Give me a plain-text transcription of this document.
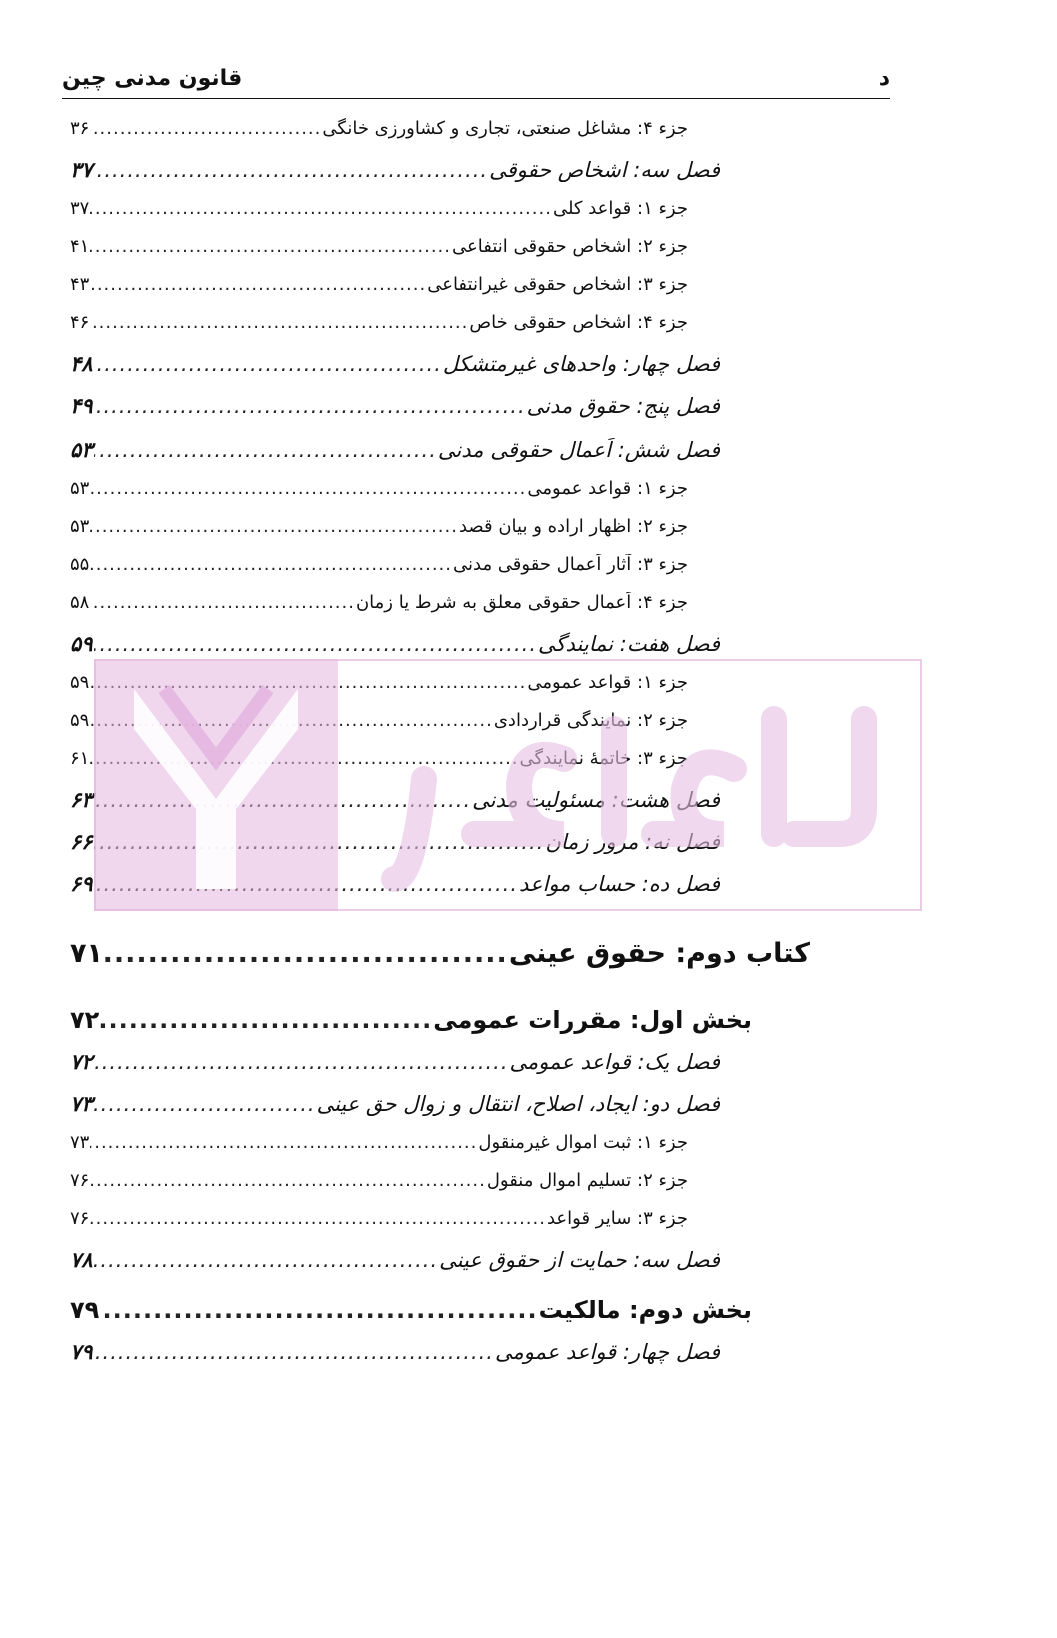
د
قانون مدنی چین
جزء ۴: مشاغل صنعتی، تجاری و کشاورزی خانگی
.....
۳۶
فصل سه: اشخاص حقوقی
.....
۳۷
جزء ۱: قواعد کلی
.....
۳۷
جزء ۲: اشخاص حقوقی انتفاعی
.....
۴۱
جزء ۳: اشخاص حقوقی غیرانتفاعی
.....
۴۳
جزء ۴: اشخاص حقوقی خاص
.....
۴۶
فصل چهار: واحدهای غیرمتشکل
.....
۴۸
فصل پنج: حقوق مدنی
.....
۴۹
فصل شش: اَعمال حقوقی مدنی
.....
۵۳
جزء ۱: قواعد عمومی
.....
۵۳
جزء ۲: اظهار اراده و بیان قصد
.....
۵۳
جزء ۳: آثار اَعمال حقوقی مدنی
.....
۵۵
جزء ۴: اَعمال حقوقی معلق به شرط یا زمان
.....
۵۸
فصل هفت: نمایندگی
.....
۵۹
جزء ۱: قواعد عمومی
.....
۵۹
جزء ۲: نمایندگی قراردادی
.....
۵۹
جزء ۳: خاتمهٔ نمایندگی
.....
۶۱
فصل هشت: مسئولیت مدنی
.....
۶۳
فصل نه: مرور زمان
.....
۶۶
فصل ده: حساب مواعد
.....
۶۹
کتاب دوم: حقوق عینی
.....
۷۱
بخش اول: مقررات عمومی
.....
۷۲
فصل یک: قواعد عمومی
.....
۷۲
فصل دو: ایجاد، اصلاح، انتقال و زوال حق عینی
.....
۷۳
جزء ۱: ثبت اموال غیرمنقول
.....
۷۳
جزء ۲: تسلیم اموال منقول
.....
۷۶
جزء ۳: سایر قواعد
.....
۷۶
فصل سه: حمایت از حقوق عینی
.....
۷۸
بخش دوم: مالکیت
.....
۷۹
فصل چهار: قواعد عمومی
.....
۷۹
